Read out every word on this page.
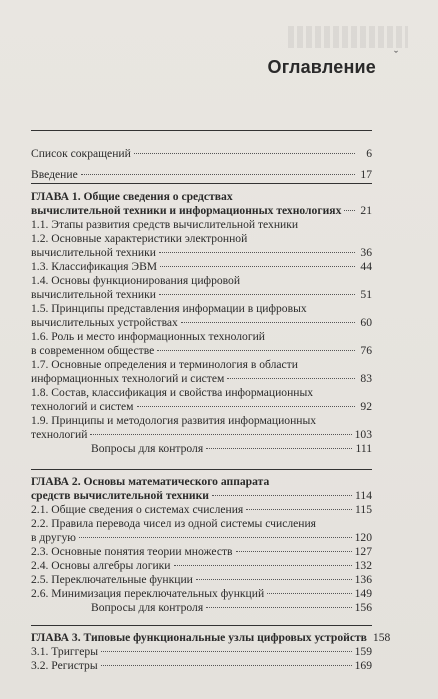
ˇ
Оглавление
Список сокращений	6
Введение	17
ГЛАВА 1. Общие сведения о средствах
вычислительной техники и информационных технологиях 21
1.1. Этапы развития средств вычислительной техники
1.2. Основные характеристики электронной
вычислительной техники	36
1.3. Классификация ЭВМ	44
1.4. Основы функционирования цифровой
вычислительной техники	51
1.5. Принципы представления информации в цифровых
вычислительных устройствах	60
1.6. Роль и место информационных технологий
в современном обществе	76
1.7. Основные определения и терминология в области
информационных технологий и систем	83
1.8. Состав, классификация и свойства информационных
технологий и систем	92
1.9. Принципы и методология развития информационных
технологий	103
Вопросы для контроля	111
ГЛАВА 2. Основы математического аппарата
средств вычислительной техники	114
2.1. Общие сведения о системах счисления	115
2.2. Правила перевода чисел из одной системы счисления
в другую	120
2.3. Основные понятия теории множеств	127
2.4. Основы алгебры логики	132
2.5. Переключательные функции	136
2.6. Минимизация переключательных функций	149
Вопросы для контроля	156
ГЛАВА 3. Типовые функциональные узлы цифровых устройств 158
3.1. Триггеры	159
3.2. Регистры	169
